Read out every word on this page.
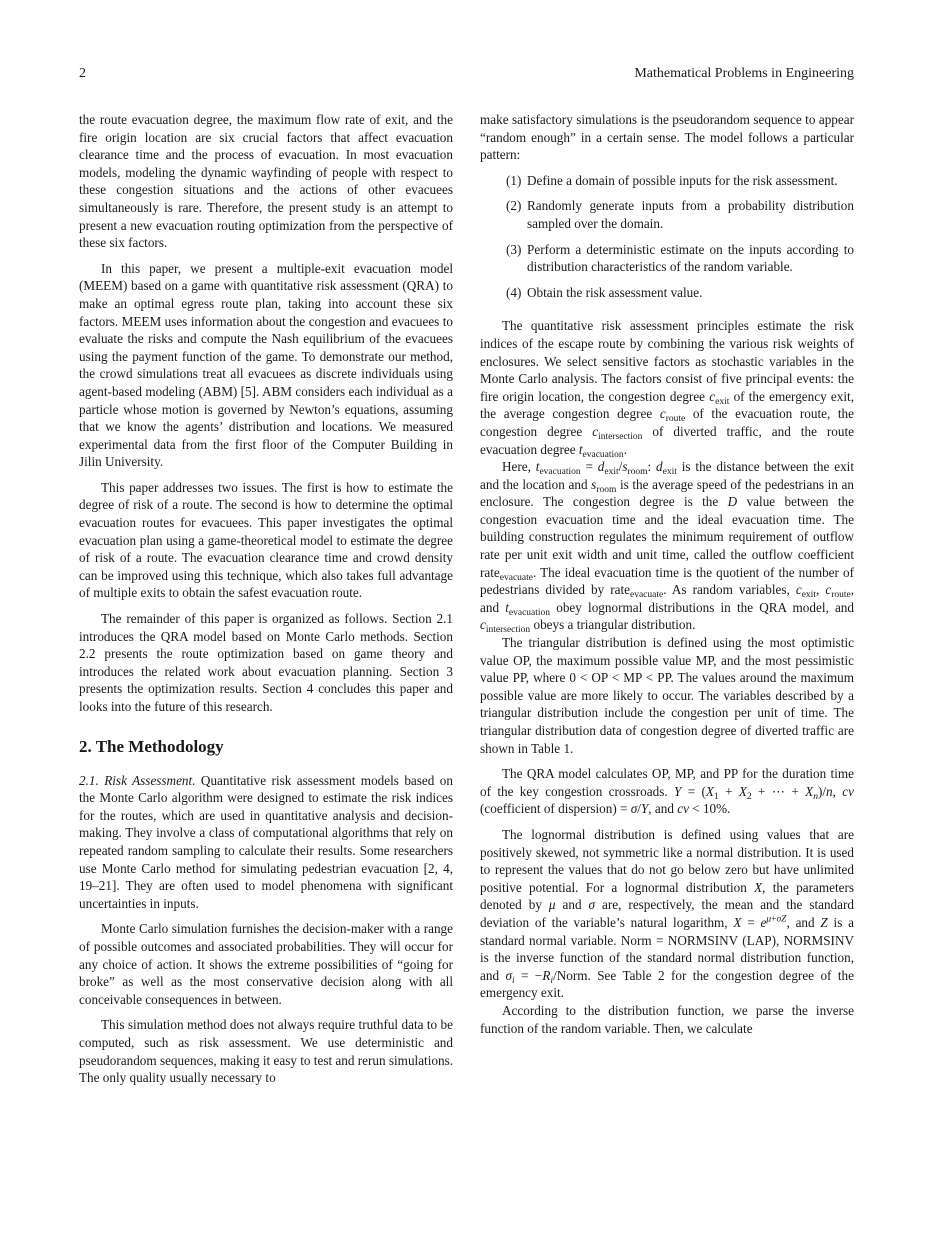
2	Mathematical Problems in Engineering

the route evacuation degree, the maximum flow rate of exit, and the fire origin location are six crucial factors that affect evacuation clearance time and the process of evacuation. In most evacuation models, modeling the dynamic wayfinding of people with respect to these congestion situations and the actions of other evacuees simultaneously is rare. Therefore, the present study is an attempt to present a new evacuation routing optimization from the perspective of these six factors.

In this paper, we present a multiple-exit evacuation model (MEEM) based on a game with quantitative risk assessment (QRA) to make an optimal egress route plan, taking into account these six factors. MEEM uses information about the congestion and evacuees to evaluate the risks and compute the Nash equilibrium of the evacuees using the payment function of the game. To demonstrate our method, the crowd simulations treat all evacuees as discrete individuals using agent-based modeling (ABM) [5]. ABM considers each individual as a particle whose motion is governed by Newton’s equations, assuming that we know the agents’ distribution and locations. We measured experimental data from the first floor of the Computer Building in Jilin University.

This paper addresses two issues. The first is how to estimate the degree of risk of a route. The second is how to determine the optimal evacuation routes for evacuees. This paper investigates the optimal evacuation plan using a game-theoretical model to estimate the degree of risk of a route. The evacuation clearance time and crowd density can be improved using this technique, which also takes full advantage of multiple exits to obtain the safest evacuation route.

The remainder of this paper is organized as follows. Section 2.1 introduces the QRA model based on Monte Carlo methods. Section 2.2 presents the route optimization based on game theory and introduces the related work about evacuation planning. Section 3 presents the optimization results. Section 4 concludes this paper and looks into the future of this research.

2. The Methodology

2.1. Risk Assessment. Quantitative risk assessment models based on the Monte Carlo algorithm were designed to estimate the risk indices for the routes, which are used in quantitative analysis and decision-making. They involve a class of computational algorithms that rely on repeated random sampling to calculate their results. Some researchers use Monte Carlo method for simulating pedestrian evacuation [2, 4, 19–21]. They are often used to model phenomena with significant uncertainties in inputs.

Monte Carlo simulation furnishes the decision-maker with a range of possible outcomes and associated probabilities. They will occur for any choice of action. It shows the extreme possibilities of “going for broke” as well as the most conservative decision along with all conceivable consequences in between.

This simulation method does not always require truthful data to be computed, such as risk assessment. We use deterministic and pseudorandom sequences, making it easy to test and rerun simulations. The only quality usually necessary to

make satisfactory simulations is the pseudorandom sequence to appear “random enough” in a certain sense. The model follows a particular pattern:

(1) Define a domain of possible inputs for the risk assessment.
(2) Randomly generate inputs from a probability distribution sampled over the domain.
(3) Perform a deterministic estimate on the inputs according to distribution characteristics of the random variable.
(4) Obtain the risk assessment value.

The quantitative risk assessment principles estimate the risk indices of the escape route by combining the various risk weights of enclosures. We select sensitive factors as stochastic variables in the Monte Carlo analysis. The factors consist of five principal events: the fire origin location, the congestion degree $c_{exit}$ of the emergency exit, the average congestion degree $c_{route}$ of the evacuation route, the congestion degree $c_{intersection}$ of diverted traffic, and the route evacuation degree $t_{evacuation}$.

Here, $t_{evacuation} = d_{exit}/s_{room}$: $d_{exit}$ is the distance between the exit and the location and $s_{room}$ is the average speed of the pedestrians in an enclosure. The congestion degree is the D value between the congestion evacuation time and the ideal evacuation time. The building construction regulates the minimum requirement of outflow rate per unit exit width and unit time, called the outflow coefficient rate$_{evacuate}$. The ideal evacuation time is the quotient of the number of pedestrians divided by rate$_{evacuate}$. As random variables, $c_{exit}$, $c_{route}$, and $t_{evacuation}$ obey lognormal distributions in the QRA model, and $c_{intersection}$ obeys a triangular distribution.

The triangular distribution is defined using the most optimistic value OP, the maximum possible value MP, and the most pessimistic value PP, where 0 < OP < MP < PP. The values around the maximum possible value are more likely to occur. The variables described by a triangular distribution include the congestion per unit of time. The triangular distribution data of congestion degree of diverted traffic are shown in Table 1.

The QRA model calculates OP, MP, and PP for the duration time of the key congestion crossroads. $Y = (X_1 + X_2$ + ⋯ + $X_n)/n$, cv (coefficient of dispersion) = σ/Y, and cv < 10%.

The lognormal distribution is defined using values that are positively skewed, not symmetric like a normal distribution. It is used to represent the values that do not go below zero but have unlimited positive potential. For a lognormal distribution X, the parameters denoted by μ and σ are, respectively, the mean and the standard deviation of the variable’s natural logarithm, $X = e^{\mu+\sigma Z}$, and Z is a standard normal variable. Norm = NORMSINV (LAP), NORMSINV is the inverse function of the standard normal distribution function, and $\sigma_i$ = $-R_i$/Norm. See Table 2 for the congestion degree of the emergency exit.

According to the distribution function, we parse the inverse function of the random variable. Then, we calculate
